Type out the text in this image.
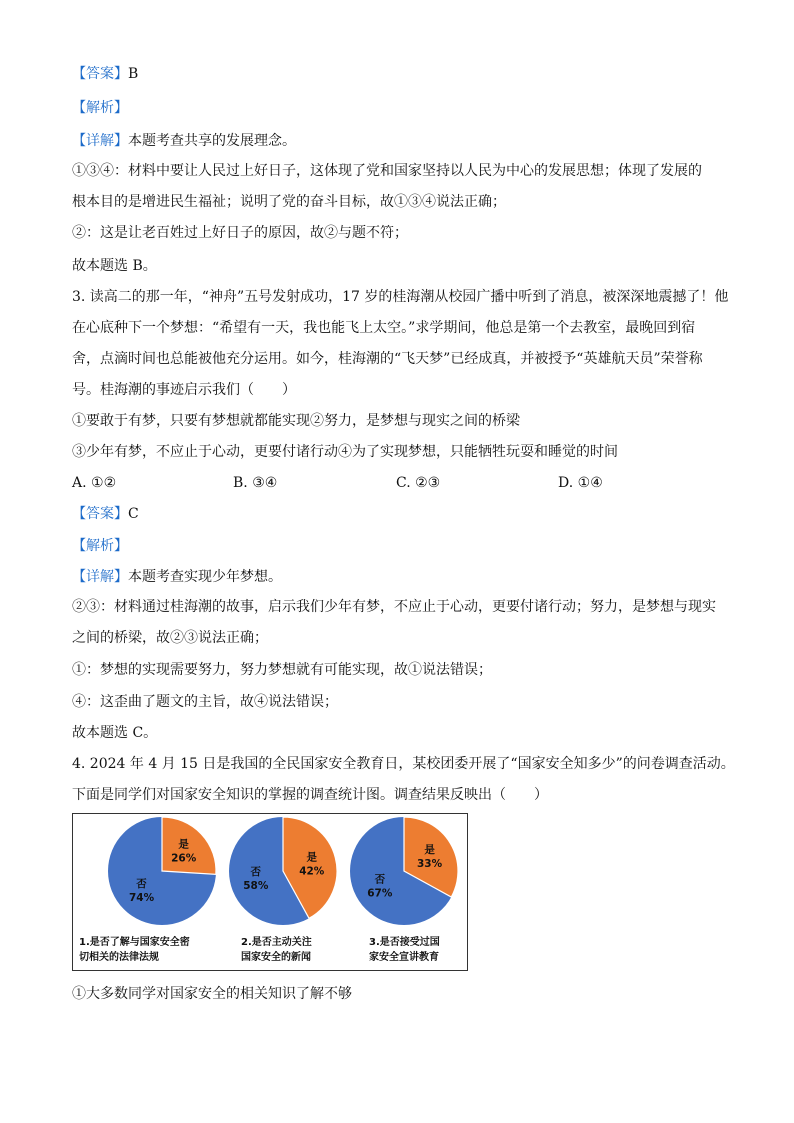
【答案】B
【解析】
【详解】本题考查共享的发展理念。
①③④：材料中要让人民过上好日子，这体现了党和国家坚持以人民为中心的发展思想；体现了发展的
根本目的是增进民生福祉；说明了党的奋斗目标，故①③④说法正确；
②：这是让老百姓过上好日子的原因，故②与题不符；
故本题选 B。
3. 读高二的那一年，“神舟”五号发射成功，17 岁的桂海潮从校园广播中听到了消息，被深深地震撼了！他
在心底种下一个梦想：“希望有一天，我也能飞上太空。”求学期间，他总是第一个去教室，最晚回到宿
舍，点滴时间也总能被他充分运用。如今，桂海潮的“飞天梦”已经成真，并被授予“英雄航天员”荣誉称
号。桂海潮的事迹启示我们（　　）
①要敢于有梦，只要有梦想就都能实现②努力，是梦想与现实之间的桥梁
③少年有梦，不应止于心动，更要付诸行动④为了实现梦想，只能牺牲玩耍和睡觉的时间
A. ①②	B. ③④	C. ②③	D. ①④
【答案】C
【解析】
【详解】本题考查实现少年梦想。
②③：材料通过桂海潮的故事，启示我们少年有梦，不应止于心动，更要付诸行动；努力，是梦想与现实
之间的桥梁，故②③说法正确；
①：梦想的实现需要努力，努力梦想就有可能实现，故①说法错误；
④：这歪曲了题文的主旨，故④说法错误；
故本题选 C。
4. 2024 年 4 月 15 日是我国的全民国家安全教育日，某校团委开展了“国家安全知多少”的问卷调查活动。
下面是同学们对国家安全知识的掌握的调查统计图。调查结果反映出（　　）
是
26%
否
74%
1.是否了解与国家安全密
切相关的法律法规
是
42%
否
58%
2.是否主动关注
国家安全的新闻
是
33%
否
67%
3.是否接受过国
家安全宣讲教育
①大多数同学对国家安全的相关知识了解不够
